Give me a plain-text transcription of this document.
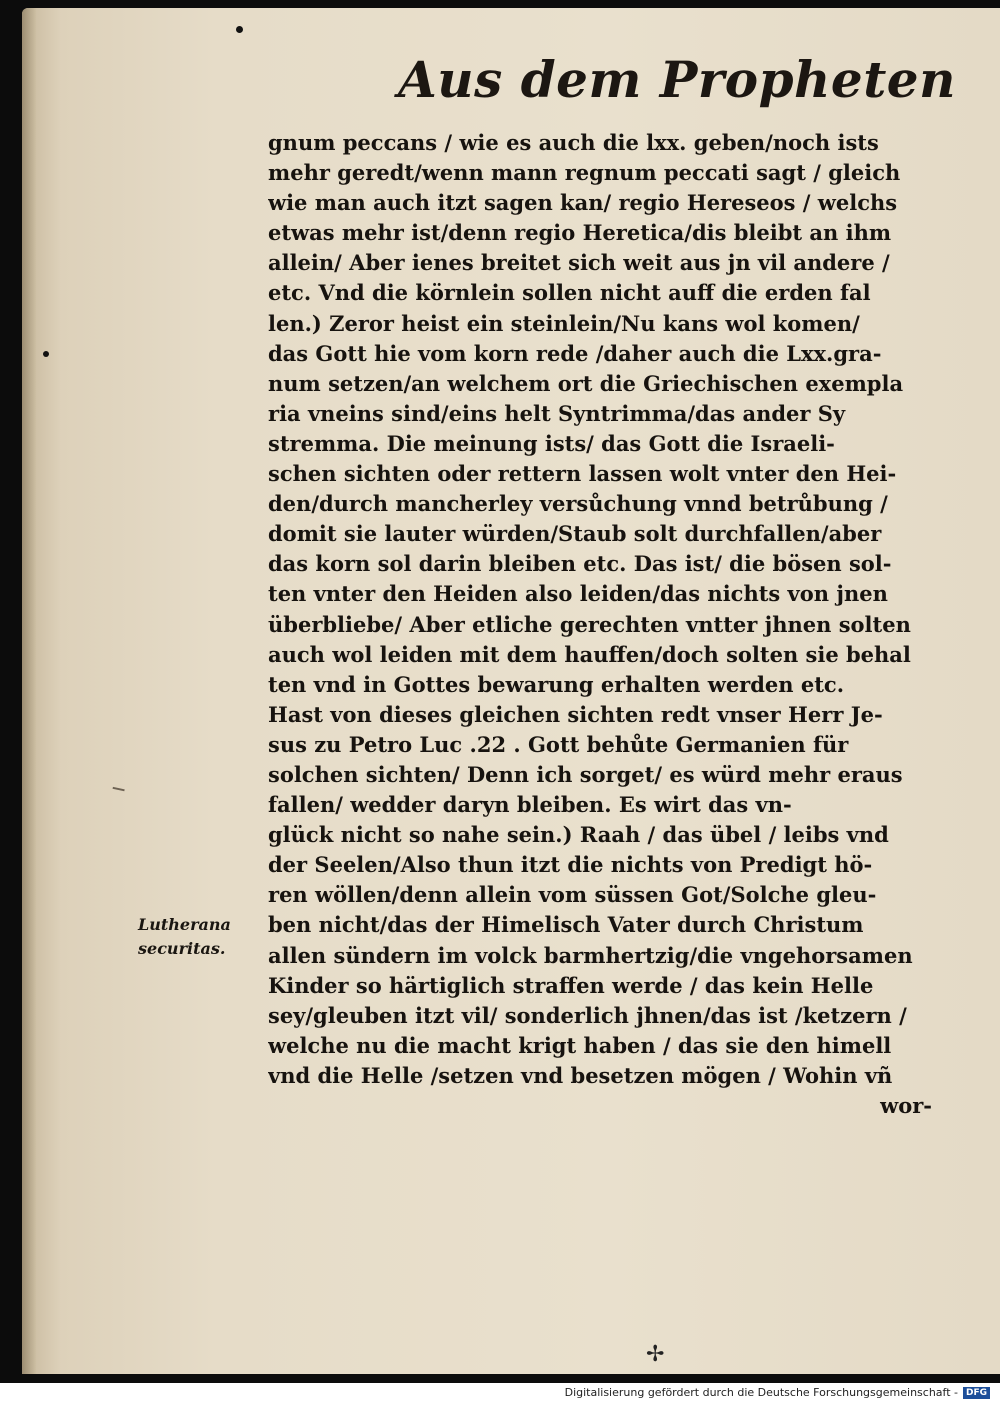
Aus dem Propheten
gnum peccans / wie es auch die lxx. geben/noch ists
mehr geredt/wenn mann regnum peccati sagt / gleich
wie man auch itzt sagen kan/ regio Hereseos / welchs
etwas mehr ist/denn regio Heretica/dis bleibt an ihm
allein/ Aber ienes breitet sich weit aus jn vil andere /
etc. Vnd die körnlein sollen nicht auff die erden fal
len.) Zeror heist ein steinlein/Nu kans wol komen/
das Gott hie vom korn rede /daher auch die Lxx.gra-
num setzen/an welchem ort die Griechischen exempla
ria vneins sind/eins helt Syntrimma/das ander Sy
stremma. Die meinung ists/ das Gott die Israeli-
schen sichten oder rettern lassen wolt vnter den Hei-
den/durch mancherley versůchung vnnd betrůbung /
domit sie lauter würden/Staub solt durchfallen/aber
das korn sol darin bleiben etc. Das ist/ die bösen sol-
ten vnter den Heiden also leiden/das nichts von jnen
überbliebe/ Aber etliche gerechten vntter jhnen solten
auch wol leiden mit dem hauffen/doch solten sie behal
ten vnd in Gottes bewarung erhalten werden etc.
Hast von dieses gleichen sichten redt vnser Herr Je-
sus zu Petro Luc .22 . Gott behůte Germanien für
solchen sichten/ Denn ich sorget/ es würd mehr eraus
fallen/ wedder daryn bleiben. Es wirt das vn-
glück nicht so nahe sein.) Raah / das übel / leibs vnd
der Seelen/Also thun itzt die nichts von Predigt hö-
ren wöllen/denn allein vom süssen Got/Solche gleu-
ben nicht/das der Himelisch Vater durch Christum
allen sündern im volck barmhertzig/die vngehorsamen
Kinder so härtiglich straffen werde / das kein Helle
sey/gleuben itzt vil/ sonderlich jhnen/das ist /ketzern /
welche nu die macht krigt haben / das sie den himell
vnd die Helle /setzen vnd besetzen mögen / Wohin vñ
wor-
Lutherana
securitas.
✢
Digitalisierung gefördert durch die Deutsche Forschungsgemeinschaft - DFG
